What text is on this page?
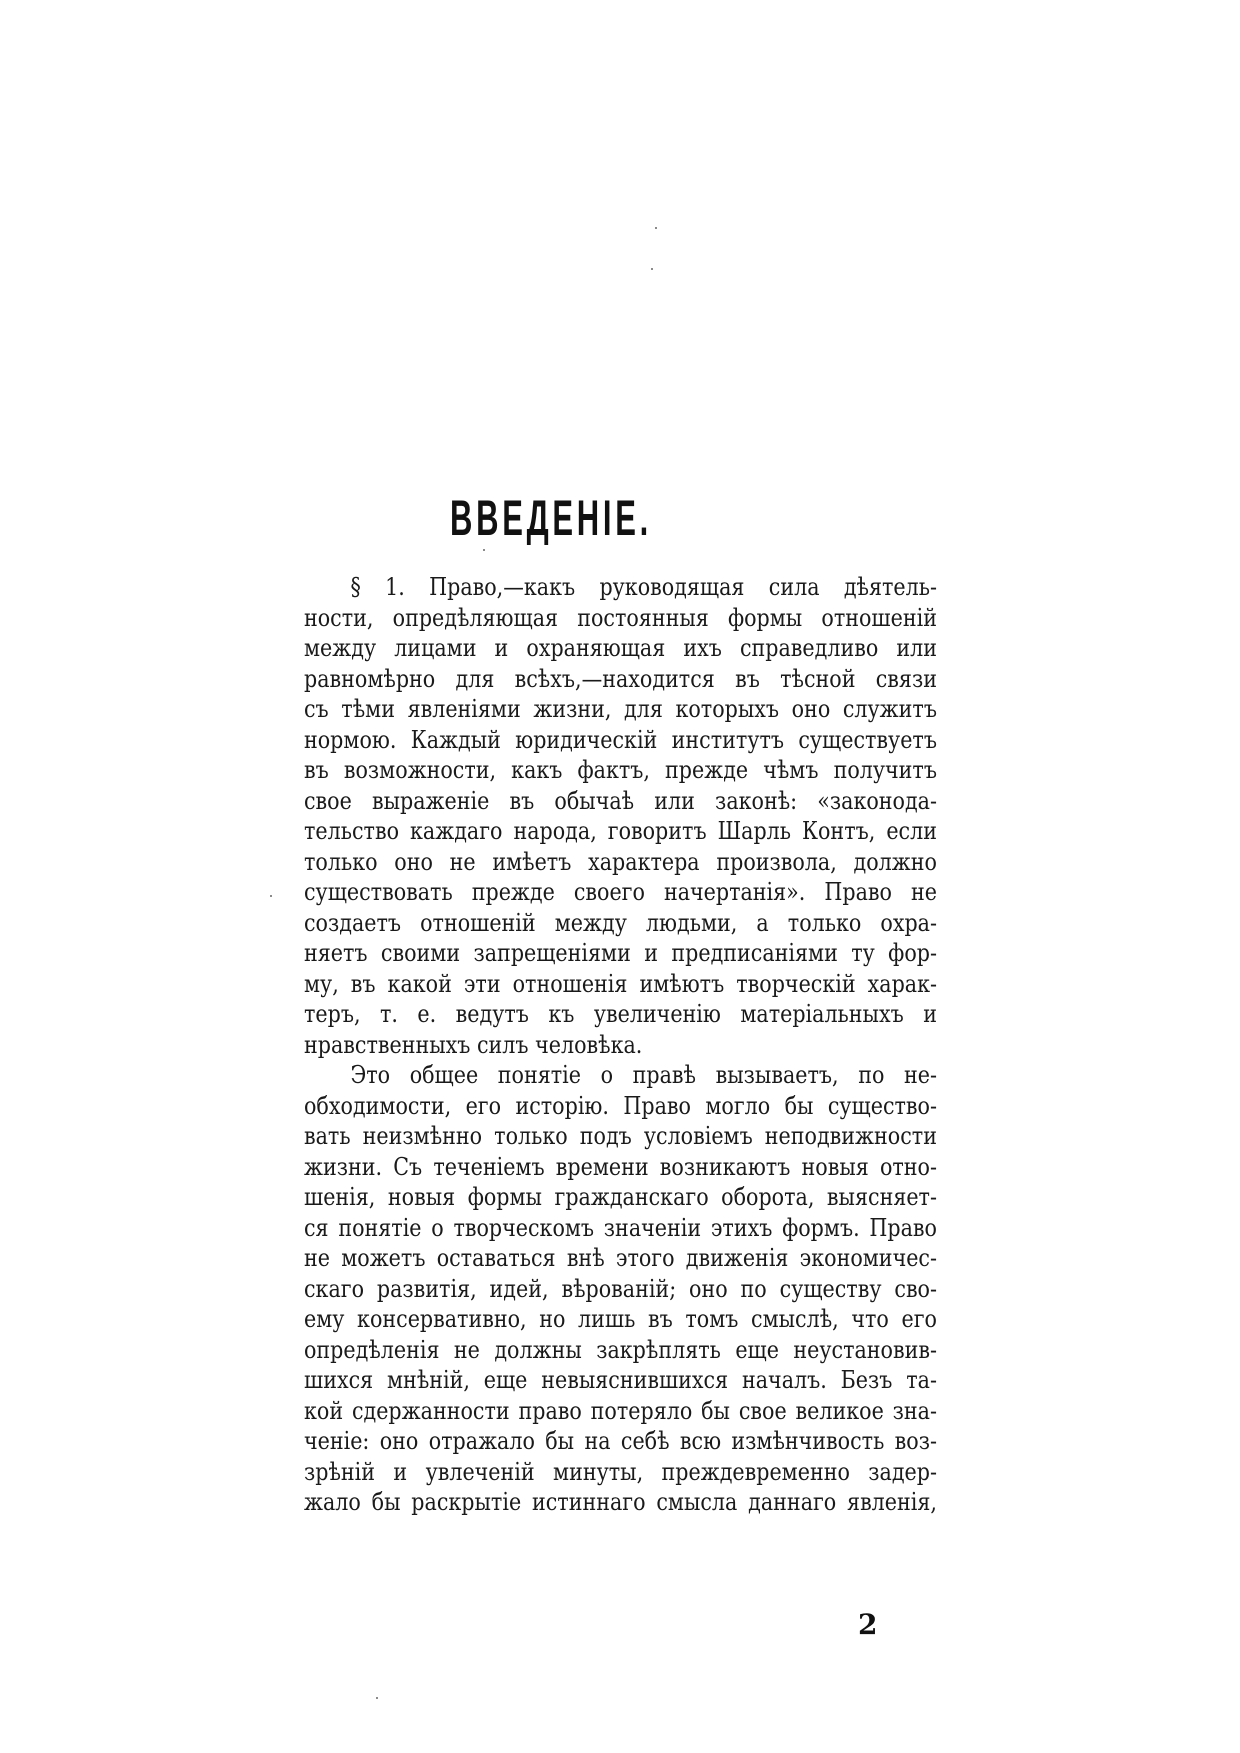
ВВЕДЕНIЕ.
§ 1. Право,—какъ руководящая сила дѣятель-
ности, опредѣляющая постоянныя формы отношенiй
между лицами и охраняющая ихъ справедливо или
равномѣрно для всѣхъ,—находится въ тѣсной связи
съ тѣми явленiями жизни, для которыхъ оно служитъ
нормою. Каждый юридическiй институтъ существуетъ
въ возможности, какъ фактъ, прежде чѣмъ получитъ
свое выраженiе въ обычаѣ или законѣ: «законода-
тельство каждаго народа, говоритъ Шарль Контъ, если
только оно не имѣетъ характера произвола, должно
существовать прежде своего начертанiя». Право не
создаетъ отношенiй между людьми, а только охра-
няетъ своими запрещенiями и предписанiями ту фор-
му, въ какой эти отношенiя имѣютъ творческiй харак-
теръ, т. е. ведутъ къ увеличенiю матерiальныхъ и
нравственныхъ силъ человѣка.
Это общее понятiе о правѣ вызываетъ, по не-
обходимости, его исторiю. Право могло бы существо-
вать неизмѣнно только подъ условiемъ неподвижности
жизни. Съ теченiемъ времени возникаютъ новыя отно-
шенiя, новыя формы гражданскаго оборота, выясняет-
ся понятiе о творческомъ значенiи этихъ формъ. Право
не можетъ оставаться внѣ этого движенiя экономичес-
скаго развитiя, идей, вѣрованiй; оно по существу сво-
ему консервативно, но лишь въ томъ смыслѣ, что его
опредѣленiя не должны закрѣплять еще неустановив-
шихся мнѣнiй, еще невыяснившихся началъ. Безъ та-
кой сдержанности право потеряло бы свое великое зна-
ченiе: оно отражало бы на себѣ всю измѣнчивость воз-
зрѣнiй и увлеченiй минуты, преждевременно задер-
жало бы раскрытiе истиннаго смысла даннаго явленiя,
2
